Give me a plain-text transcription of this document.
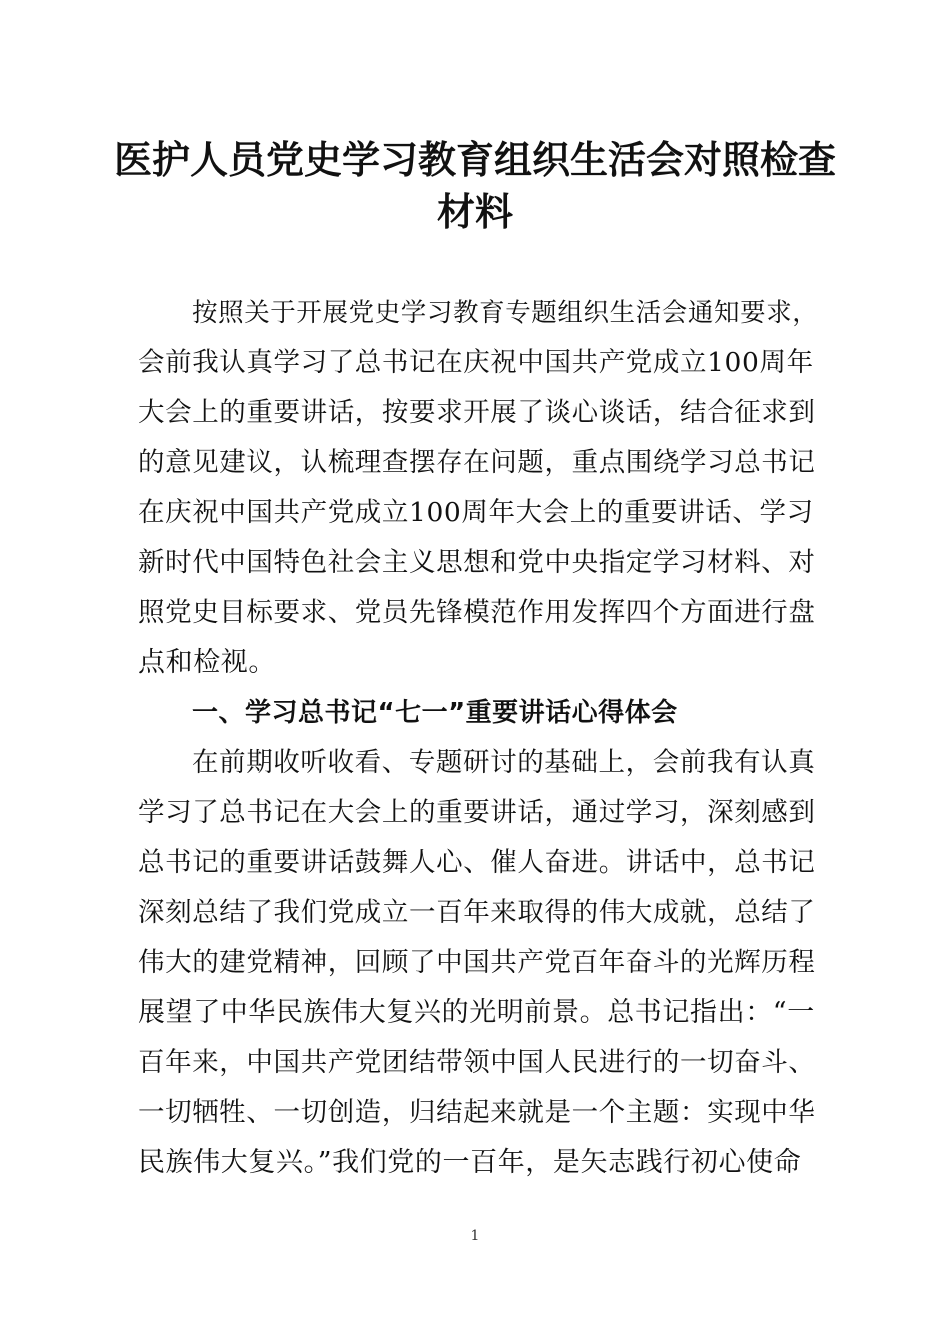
医护人员党史学习教育组织生活会对照检查
材料

按照关于开展党史学习教育专题组织生活会通知要求，

会前我认真学习了总书记在庆祝中国共产党成立100周年

大会上的重要讲话，按要求开展了谈心谈话，结合征求到

的意见建议，认梳理查摆存在问题，重点围绕学习总书记

在庆祝中国共产党成立100周年大会上的重要讲话、学习

新时代中国特色社会主义思想和党中央指定学习材料、对

照党史目标要求、党员先锋模范作用发挥四个方面进行盘

点和检视。

一、学习总书记“七一”重要讲话心得体会

在前期收听收看、专题研讨的基础上，会前我有认真

学习了总书记在大会上的重要讲话，通过学习，深刻感到

总书记的重要讲话鼓舞人心、催人奋进。讲话中，总书记

深刻总结了我们党成立一百年来取得的伟大成就，总结了

伟大的建党精神，回顾了中国共产党百年奋斗的光辉历程

展望了中华民族伟大复兴的光明前景。总书记指出：“一

百年来，中国共产党团结带领中国人民进行的一切奋斗、

一切牺牲、一切创造，归结起来就是一个主题：实现中华

民族伟大复兴。”我们党的一百年，是矢志践行初心使命

1
